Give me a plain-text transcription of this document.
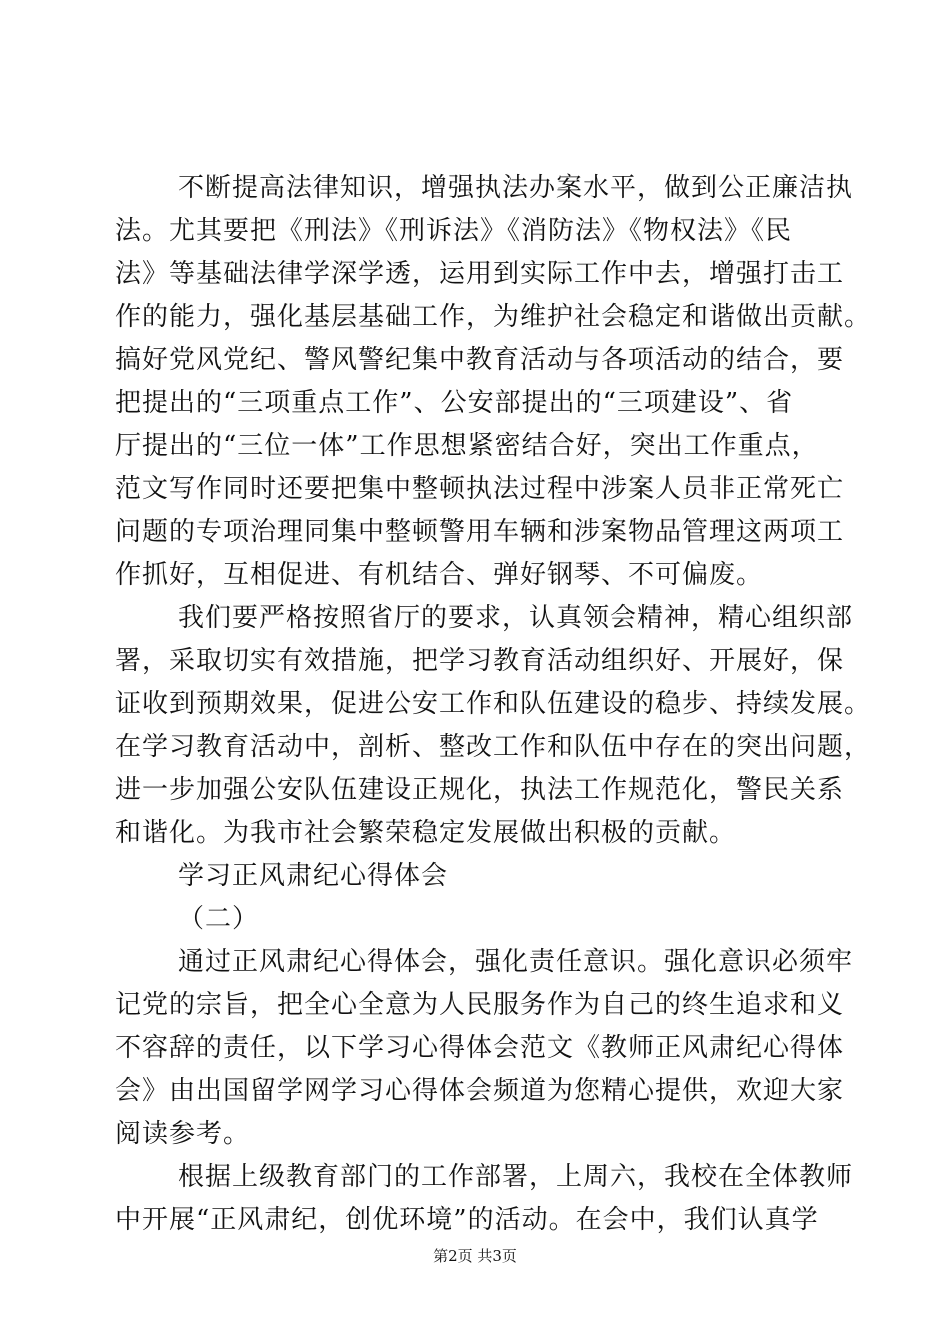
不断提高法律知识，增强执法办案水平，做到公正廉洁执
法。尤其要把《刑法》《刑诉法》《消防法》《物权法》《民
法》等基础法律学深学透，运用到实际工作中去，增强打击工
作的能力，强化基层基础工作，为维护社会稳定和谐做出贡献。
搞好党风党纪、警风警纪集中教育活动与各项活动的结合，要
把提出的“三项重点工作”、公安部提出的“三项建设”、省
厅提出的“三位一体”工作思想紧密结合好，突出工作重点，
范文写作同时还要把集中整顿执法过程中涉案人员非正常死亡
问题的专项治理同集中整顿警用车辆和涉案物品管理这两项工
作抓好，互相促进、有机结合、弹好钢琴、不可偏废。
我们要严格按照省厅的要求，认真领会精神，精心组织部
署，采取切实有效措施，把学习教育活动组织好、开展好，保
证收到预期效果，促进公安工作和队伍建设的稳步、持续发展。
在学习教育活动中，剖析、整改工作和队伍中存在的突出问题，
进一步加强公安队伍建设正规化，执法工作规范化，警民关系
和谐化。为我市社会繁荣稳定发展做出积极的贡献。
学习正风肃纪心得体会
（二）
通过正风肃纪心得体会，强化责任意识。强化意识必须牢
记党的宗旨，把全心全意为人民服务作为自己的终生追求和义
不容辞的责任，以下学习心得体会范文《教师正风肃纪心得体
会》由出国留学网学习心得体会频道为您精心提供，欢迎大家
阅读参考。
根据上级教育部门的工作部署，上周六，我校在全体教师
中开展“正风肃纪，创优环境”的活动。在会中，我们认真学
第2页 共3页
